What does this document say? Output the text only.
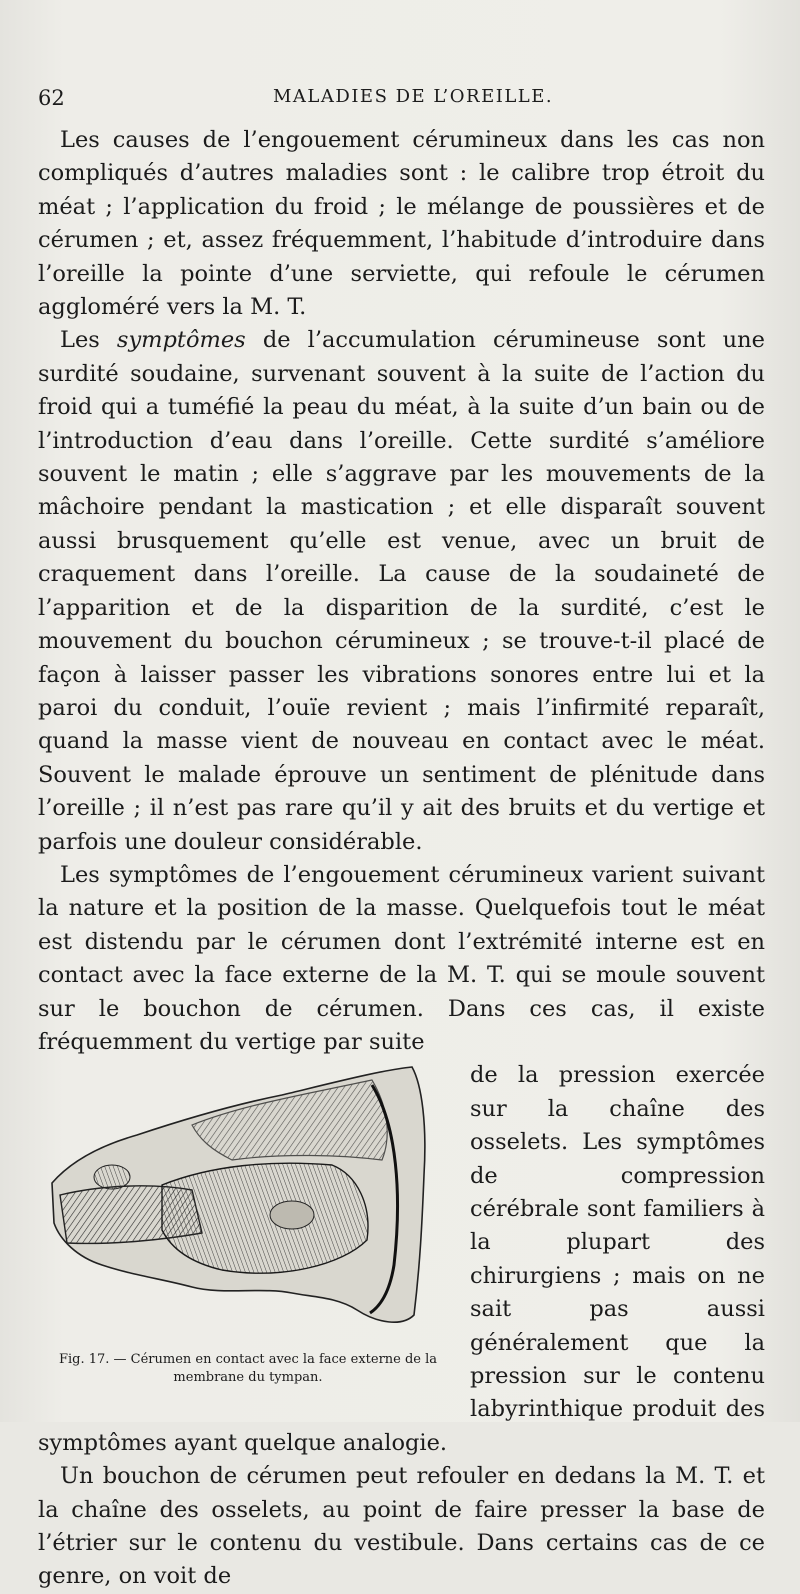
62	MALADIES DE L’OREILLE.

Les causes de l’engouement cérumineux dans les cas non compliqués d’autres maladies sont : le calibre trop étroit du méat ; l’application du froid ; le mélange de poussières et de cérumen ; et, assez fréquemment, l’habitude d’introduire dans l’oreille la pointe d’une serviette, qui refoule le cérumen aggloméré vers la M. T.

Les symptômes de l’accumulation cérumineuse sont une surdité soudaine, survenant souvent à la suite de l’action du froid qui a tuméfié la peau du méat, à la suite d’un bain ou de l’introduction d’eau dans l’oreille. Cette surdité s’améliore souvent le matin ; elle s’aggrave par les mouvements de la mâchoire pendant la mastication ; et elle disparaît souvent aussi brusquement qu’elle est venue, avec un bruit de craquement dans l’oreille. La cause de la soudaineté de l’apparition et de la disparition de la surdité, c’est le mouvement du bouchon cérumineux ; se trouve-t-il placé de façon à laisser passer les vibrations sonores entre lui et la paroi du conduit, l’ouïe revient ; mais l’infirmité reparaît, quand la masse vient de nouveau en contact avec le méat. Souvent le malade éprouve un sentiment de plénitude dans l’oreille ; il n’est pas rare qu’il y ait des bruits et du vertige et parfois une douleur considérable.

Les symptômes de l’engouement cérumineux varient suivant la nature et la position de la masse. Quelquefois tout le méat est distendu par le cérumen dont l’extrémité interne est en contact avec la face externe de la M. T. qui se moule souvent sur le bouchon de cérumen. Dans ces cas, il existe fréquemment du vertige par suite

Fig. 17. — Cérumen en contact avec la face externe de la membrane du tympan.

de la pression exercée sur la chaîne des osselets. Les symptômes de compression cérébrale sont familiers à la plupart des chirurgiens ; mais on ne sait pas aussi généralement que la pression sur le contenu labyrinthique produit des symptômes ayant quelque analogie.

Un bouchon de cérumen peut refouler en dedans la M. T. et la chaîne des osselets, au point de faire presser la base de l’étrier sur le contenu du vestibule. Dans certains cas de ce genre, on voit de
